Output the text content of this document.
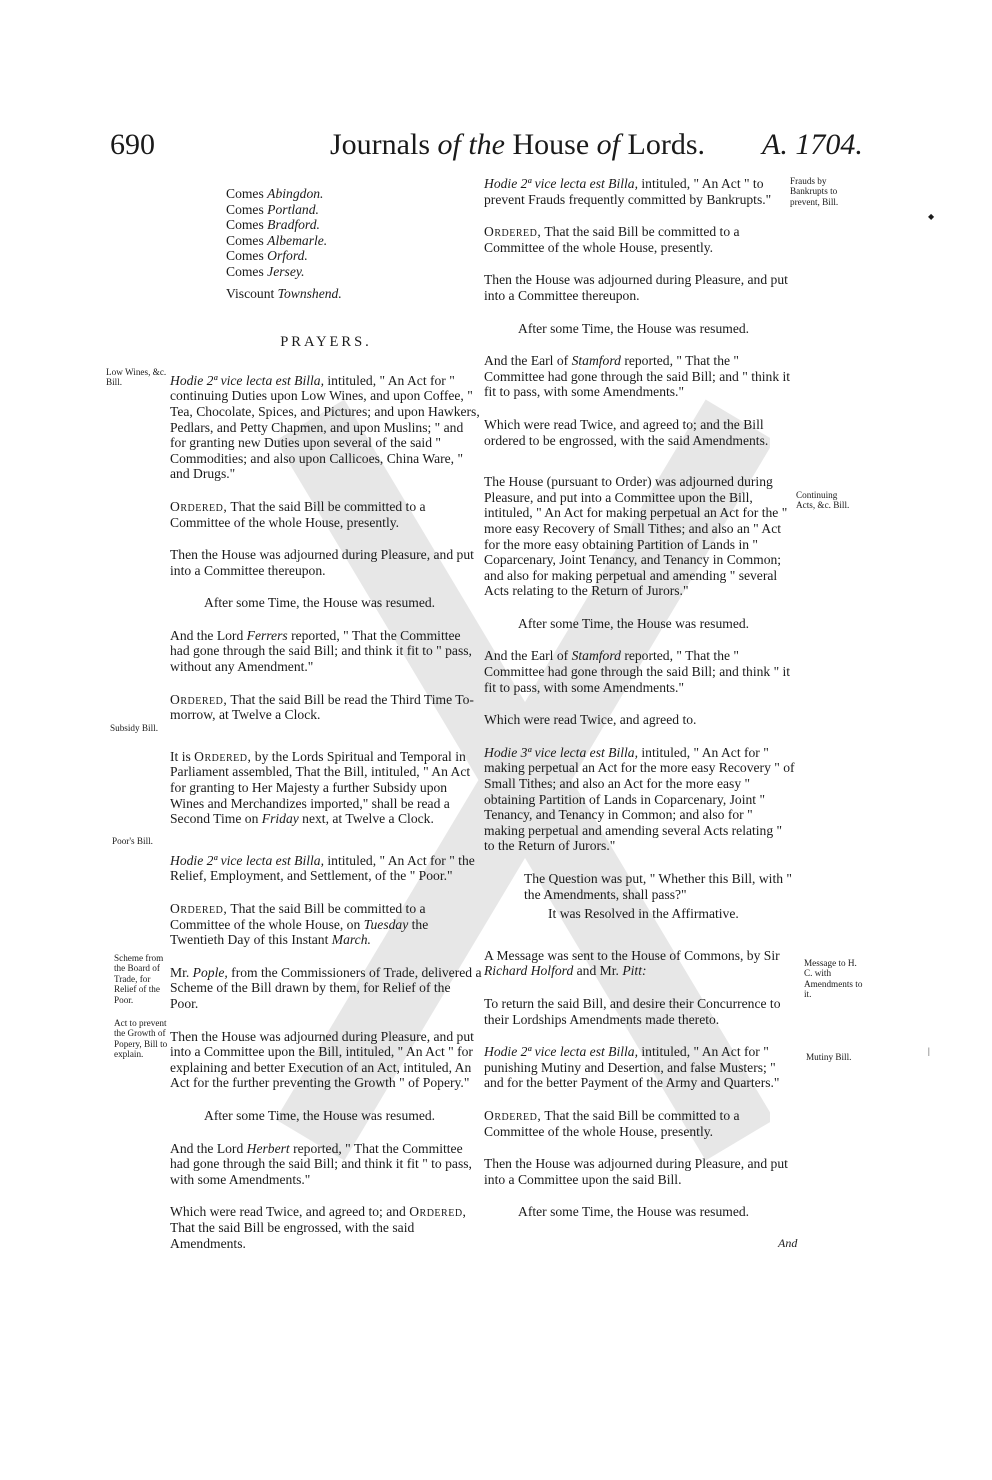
690	Journals of the House of Lords. A. 1704.
Low Wines, &c. Bill.
Subsidy Bill.
Poor's Bill.
Scheme from the Board of Trade, for Relief of the Poor.
Act to prevent the Growth of Popery, Bill to explain.
Frauds by Bankrupts to prevent, Bill.
Continuing Acts, &c. Bill.
Message to H. C. with Amendments to it.
Mutiny Bill.

Comes Abingdon.

Comes Portland.

Comes Bradford.

Comes Albemarle.

Comes Orford.

Comes Jersey.

Viscount Townshend.

PRAYERS.

Hodie 2ª vice lecta est Billa, intituled, " An Act for " continuing Duties upon Low Wines, and upon Coffee, " Tea, Chocolate, Spices, and Pictures; and upon Hawkers, Pedlars, and Petty Chapmen, and upon Muslins; " and for granting new Duties upon several of the said " Commodities; and also upon Callicoes, China Ware, " and Drugs."

Ordered, That the said Bill be committed to a Committee of the whole House, presently.

Then the House was adjourned during Pleasure, and put into a Committee thereupon.

After some Time, the House was resumed.

And the Lord Ferrers reported, " That the Committee had gone through the said Bill; and think it fit to " pass, without any Amendment."

Ordered, That the said Bill be read the Third Time To-morrow, at Twelve a Clock.

It is Ordered, by the Lords Spiritual and Temporal in Parliament assembled, That the Bill, intituled, " An Act for granting to Her Majesty a further Subsidy upon Wines and Merchandizes imported," shall be read a Second Time on Friday next, at Twelve a Clock.

Hodie 2ª vice lecta est Billa, intituled, " An Act for " the Relief, Employment, and Settlement, of the " Poor."

Ordered, That the said Bill be committed to a Committee of the whole House, on Tuesday the Twentieth Day of this Instant March.

Mr. Pople, from the Commissioners of Trade, delivered a Scheme of the Bill drawn by them, for Relief of the Poor.

Then the House was adjourned during Pleasure, and put into a Committee upon the Bill, intituled, " An Act " for explaining and better Execution of an Act, intituled, An Act for the further preventing the Growth " of Popery."

After some Time, the House was resumed.

And the Lord Herbert reported, " That the Committee had gone through the said Bill; and think it fit " to pass, with some Amendments."

Which were read Twice, and agreed to; and Ordered, That the said Bill be engrossed, with the said Amendments.

Hodie 2ª vice lecta est Billa, intituled, " An Act " to prevent Frauds frequently committed by Bankrupts."

Ordered, That the said Bill be committed to a Committee of the whole House, presently.

Then the House was adjourned during Pleasure, and put into a Committee thereupon.

After some Time, the House was resumed.

And the Earl of Stamford reported, " That the " Committee had gone through the said Bill; and " think it fit to pass, with some Amendments."

Which were read Twice, and agreed to; and the Bill ordered to be engrossed, with the said Amendments.

The House (pursuant to Order) was adjourned during Pleasure, and put into a Committee upon the Bill, intituled, " An Act for making perpetual an Act for the " more easy Recovery of Small Tithes; and also an " Act for the more easy obtaining Partition of Lands in " Coparcenary, Joint Tenancy, and Tenancy in Common; and also for making perpetual and amending " several Acts relating to the Return of Jurors."

After some Time, the House was resumed.

And the Earl of Stamford reported, " That the " Committee had gone through the said Bill; and think " it fit to pass, with some Amendments."

Which were read Twice, and agreed to.

Hodie 3ª vice lecta est Billa, intituled, " An Act for " making perpetual an Act for the more easy Recovery " of Small Tithes; and also an Act for the more easy " obtaining Partition of Lands in Coparcenary, Joint " Tenancy, and Tenancy in Common; and also for " making perpetual and amending several Acts relating " to the Return of Jurors."

The Question was put, " Whether this Bill, with " the Amendments, shall pass?"

It was Resolved in the Affirmative.

A Message was sent to the House of Commons, by Sir Richard Holford and Mr. Pitt:

To return the said Bill, and desire their Concurrence to their Lordships Amendments made thereto.

Hodie 2ª vice lecta est Billa, intituled, " An Act for " punishing Mutiny and Desertion, and false Musters; " and for the better Payment of the Army and Quarters."

Ordered, That the said Bill be committed to a Committee of the whole House, presently.

Then the House was adjourned during Pleasure, and put into a Committee upon the said Bill.

After some Time, the House was resumed.

And
◆
|
